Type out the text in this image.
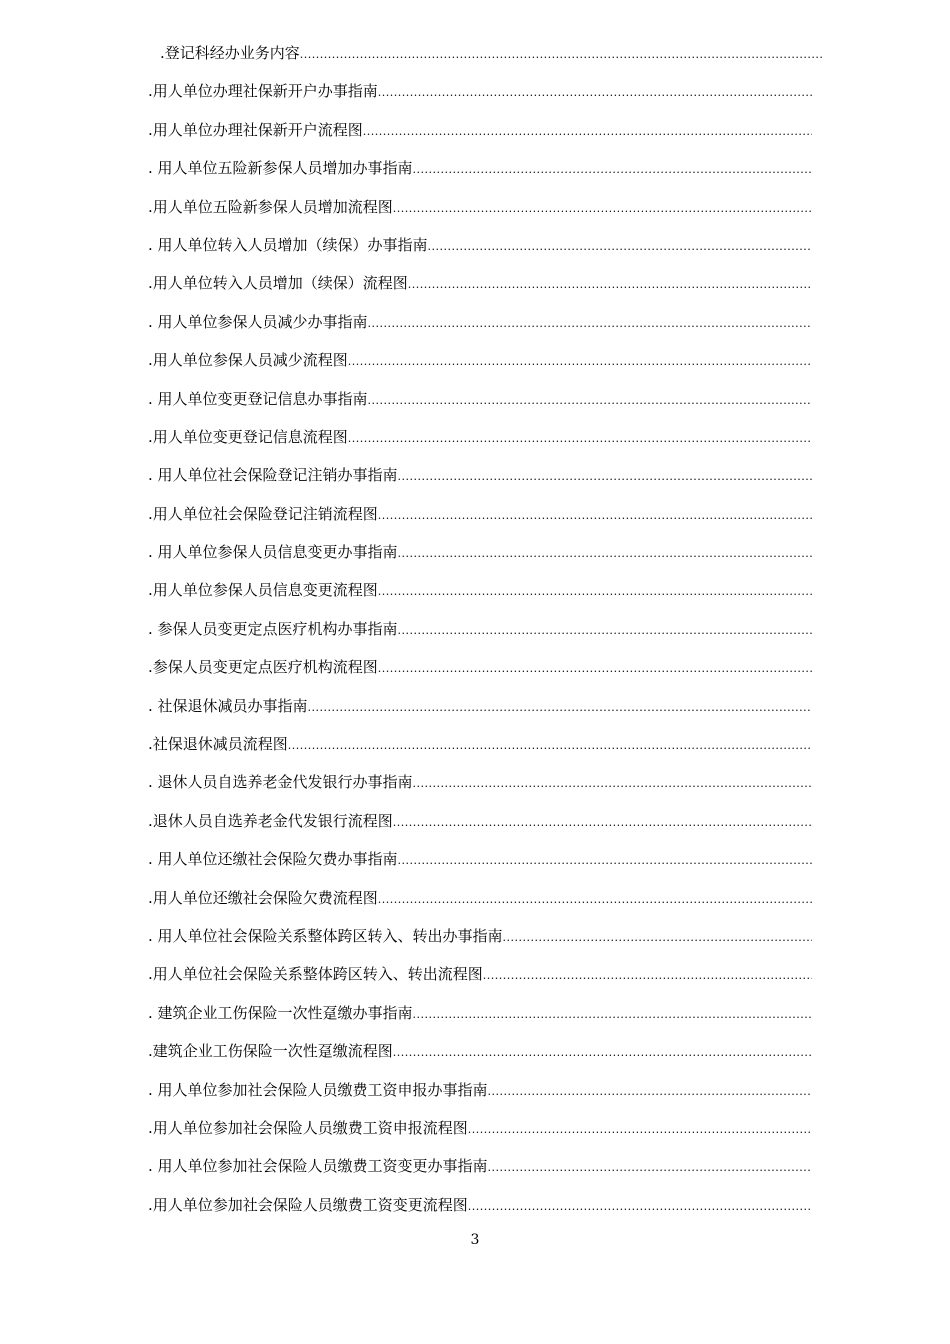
.登记科经办业务内容
.....
.用人单位办理社保新开户办事指南
.....
.用人单位办理社保新开户流程图
.....
. 用人单位五险新参保人员增加办事指南
.....
.用人单位五险新参保人员增加流程图
.....
. 用人单位转入人员增加（续保）办事指南
.....
.用人单位转入人员增加（续保）流程图
.....
. 用人单位参保人员减少办事指南
.....
.用人单位参保人员减少流程图
.....
. 用人单位变更登记信息办事指南
.....
.用人单位变更登记信息流程图
.....
. 用人单位社会保险登记注销办事指南
.....
.用人单位社会保险登记注销流程图
.....
. 用人单位参保人员信息变更办事指南
.....
.用人单位参保人员信息变更流程图
.....
. 参保人员变更定点医疗机构办事指南
.....
.参保人员变更定点医疗机构流程图
.....
. 社保退休减员办事指南
.....
.社保退休减员流程图
.....
. 退休人员自选养老金代发银行办事指南
.....
.退休人员自选养老金代发银行流程图
.....
. 用人单位还缴社会保险欠费办事指南
.....
.用人单位还缴社会保险欠费流程图
.....
. 用人单位社会保险关系整体跨区转入、转出办事指南
.....
.用人单位社会保险关系整体跨区转入、转出流程图
.....
. 建筑企业工伤保险一次性趸缴办事指南
.....
.建筑企业工伤保险一次性趸缴流程图
.....
. 用人单位参加社会保险人员缴费工资申报办事指南
.....
.用人单位参加社会保险人员缴费工资申报流程图
.....
. 用人单位参加社会保险人员缴费工资变更办事指南
.....
.用人单位参加社会保险人员缴费工资变更流程图
.....
3
